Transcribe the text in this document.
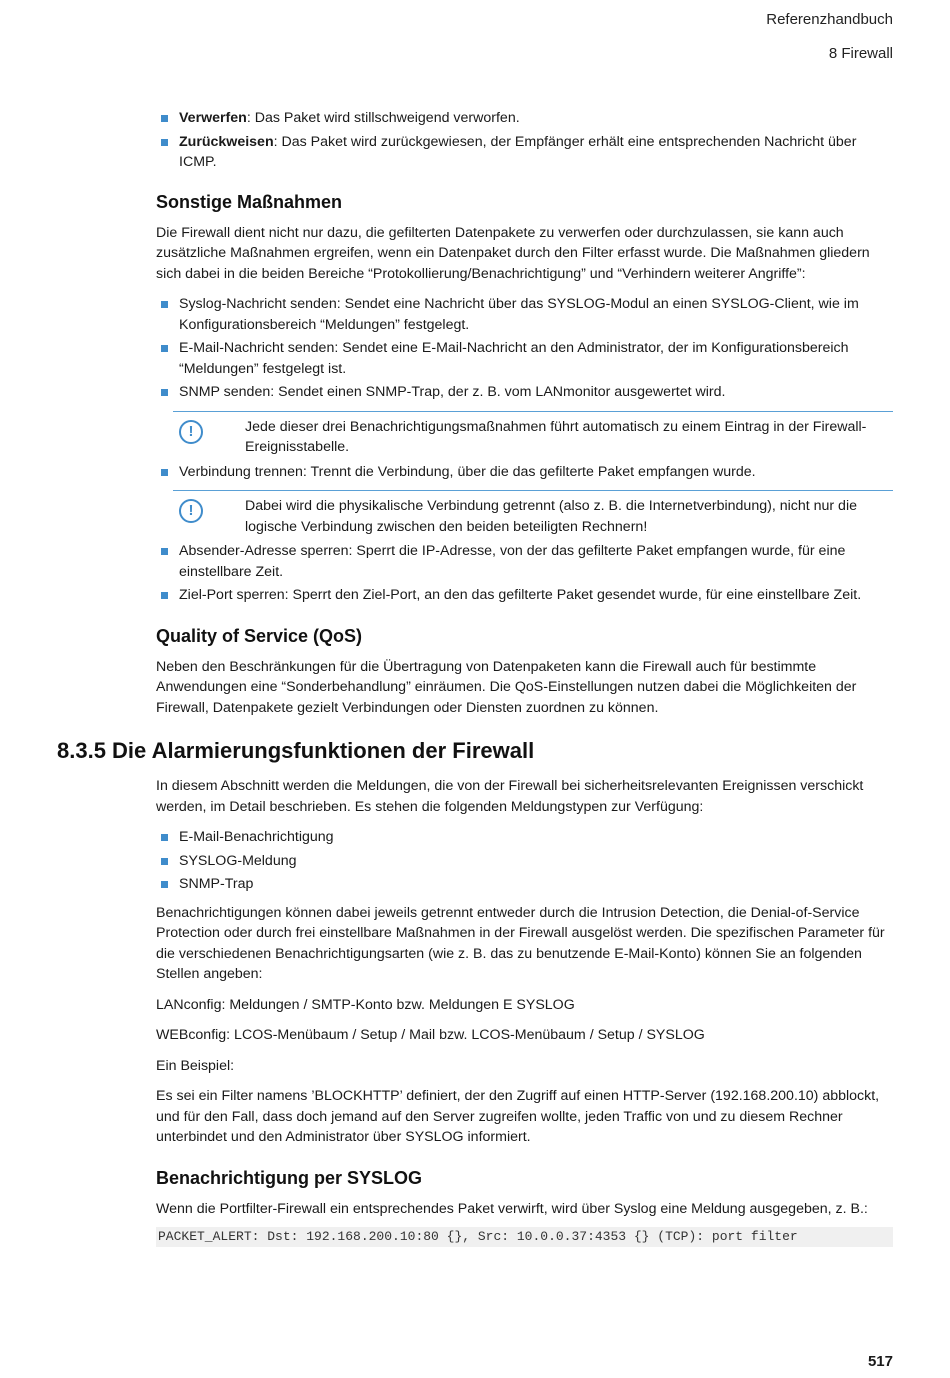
Referenzhandbuch
8 Firewall
Verwerfen: Das Paket wird stillschweigend verworfen.
Zurückweisen: Das Paket wird zurückgewiesen, der Empfänger erhält eine entsprechenden Nachricht über ICMP.
Sonstige Maßnahmen

Die Firewall dient nicht nur dazu, die gefilterten Datenpakete zu verwerfen oder durchzulassen, sie kann auch zusätzliche Maßnahmen ergreifen, wenn ein Datenpaket durch den Filter erfasst wurde. Die Maßnahmen gliedern sich dabei in die beiden Bereiche “Protokollierung/Benachrichtigung” und “Verhindern weiterer Angriffe”:

Syslog-Nachricht senden: Sendet eine Nachricht über das SYSLOG-Modul an einen SYSLOG-Client, wie im Konfigurationsbereich “Meldungen” festgelegt.
E-Mail-Nachricht senden: Sendet eine E-Mail-Nachricht an den Administrator, der im Konfigurationsbereich “Meldungen” festgelegt ist.
SNMP senden: Sendet einen SNMP-Trap, der z. B. vom LANmonitor ausgewertet wird.
!	Jede dieser drei Benachrichtigungsmaßnahmen führt automatisch zu einem Eintrag in der Firewall-Ereignisstabelle.
Verbindung trennen: Trennt die Verbindung, über die das gefilterte Paket empfangen wurde.
!	Dabei wird die physikalische Verbindung getrennt (also z. B. die Internetverbindung), nicht nur die logische Verbindung zwischen den beiden beteiligten Rechnern!
Absender-Adresse sperren: Sperrt die IP-Adresse, von der das gefilterte Paket empfangen wurde, für eine einstellbare Zeit.
Ziel-Port sperren: Sperrt den Ziel-Port, an den das gefilterte Paket gesendet wurde, für eine einstellbare Zeit.
Quality of Service (QoS)

Neben den Beschränkungen für die Übertragung von Datenpaketen kann die Firewall auch für bestimmte Anwendungen eine “Sonderbehandlung” einräumen. Die QoS-Einstellungen nutzen dabei die Möglichkeiten der Firewall, Datenpakete gezielt Verbindungen oder Diensten zuordnen zu können.

8.3.5 Die Alarmierungsfunktionen der Firewall

In diesem Abschnitt werden die Meldungen, die von der Firewall bei sicherheitsrelevanten Ereignissen verschickt werden, im Detail beschrieben. Es stehen die folgenden Meldungstypen zur Verfügung:

E-Mail-Benachrichtigung
SYSLOG-Meldung
SNMP-Trap

Benachrichtigungen können dabei jeweils getrennt entweder durch die Intrusion Detection, die Denial-of-Service Protection oder durch frei einstellbare Maßnahmen in der Firewall ausgelöst werden. Die spezifischen Parameter für die verschiedenen Benachrichtigungsarten (wie z. B. das zu benutzende E-Mail-Konto) können Sie an folgenden Stellen angeben:

LANconfig: Meldungen / SMTP-Konto bzw. Meldungen E SYSLOG

WEBconfig: LCOS-Menübaum / Setup / Mail bzw. LCOS-Menübaum / Setup / SYSLOG

Ein Beispiel:

Es sei ein Filter namens ’BLOCKHTTP’ definiert, der den Zugriff auf einen HTTP-Server (192.168.200.10) abblockt, und für den Fall, dass doch jemand auf den Server zugreifen wollte, jeden Traffic von und zu diesem Rechner unterbindet und den Administrator über SYSLOG informiert.

Benachrichtigung per SYSLOG

Wenn die Portfilter-Firewall ein entsprechendes Paket verwirft, wird über Syslog eine Meldung ausgegeben, z. B.:

PACKET_ALERT: Dst: 192.168.200.10:80 {}, Src: 10.0.0.37:4353 {} (TCP): port filter
517
